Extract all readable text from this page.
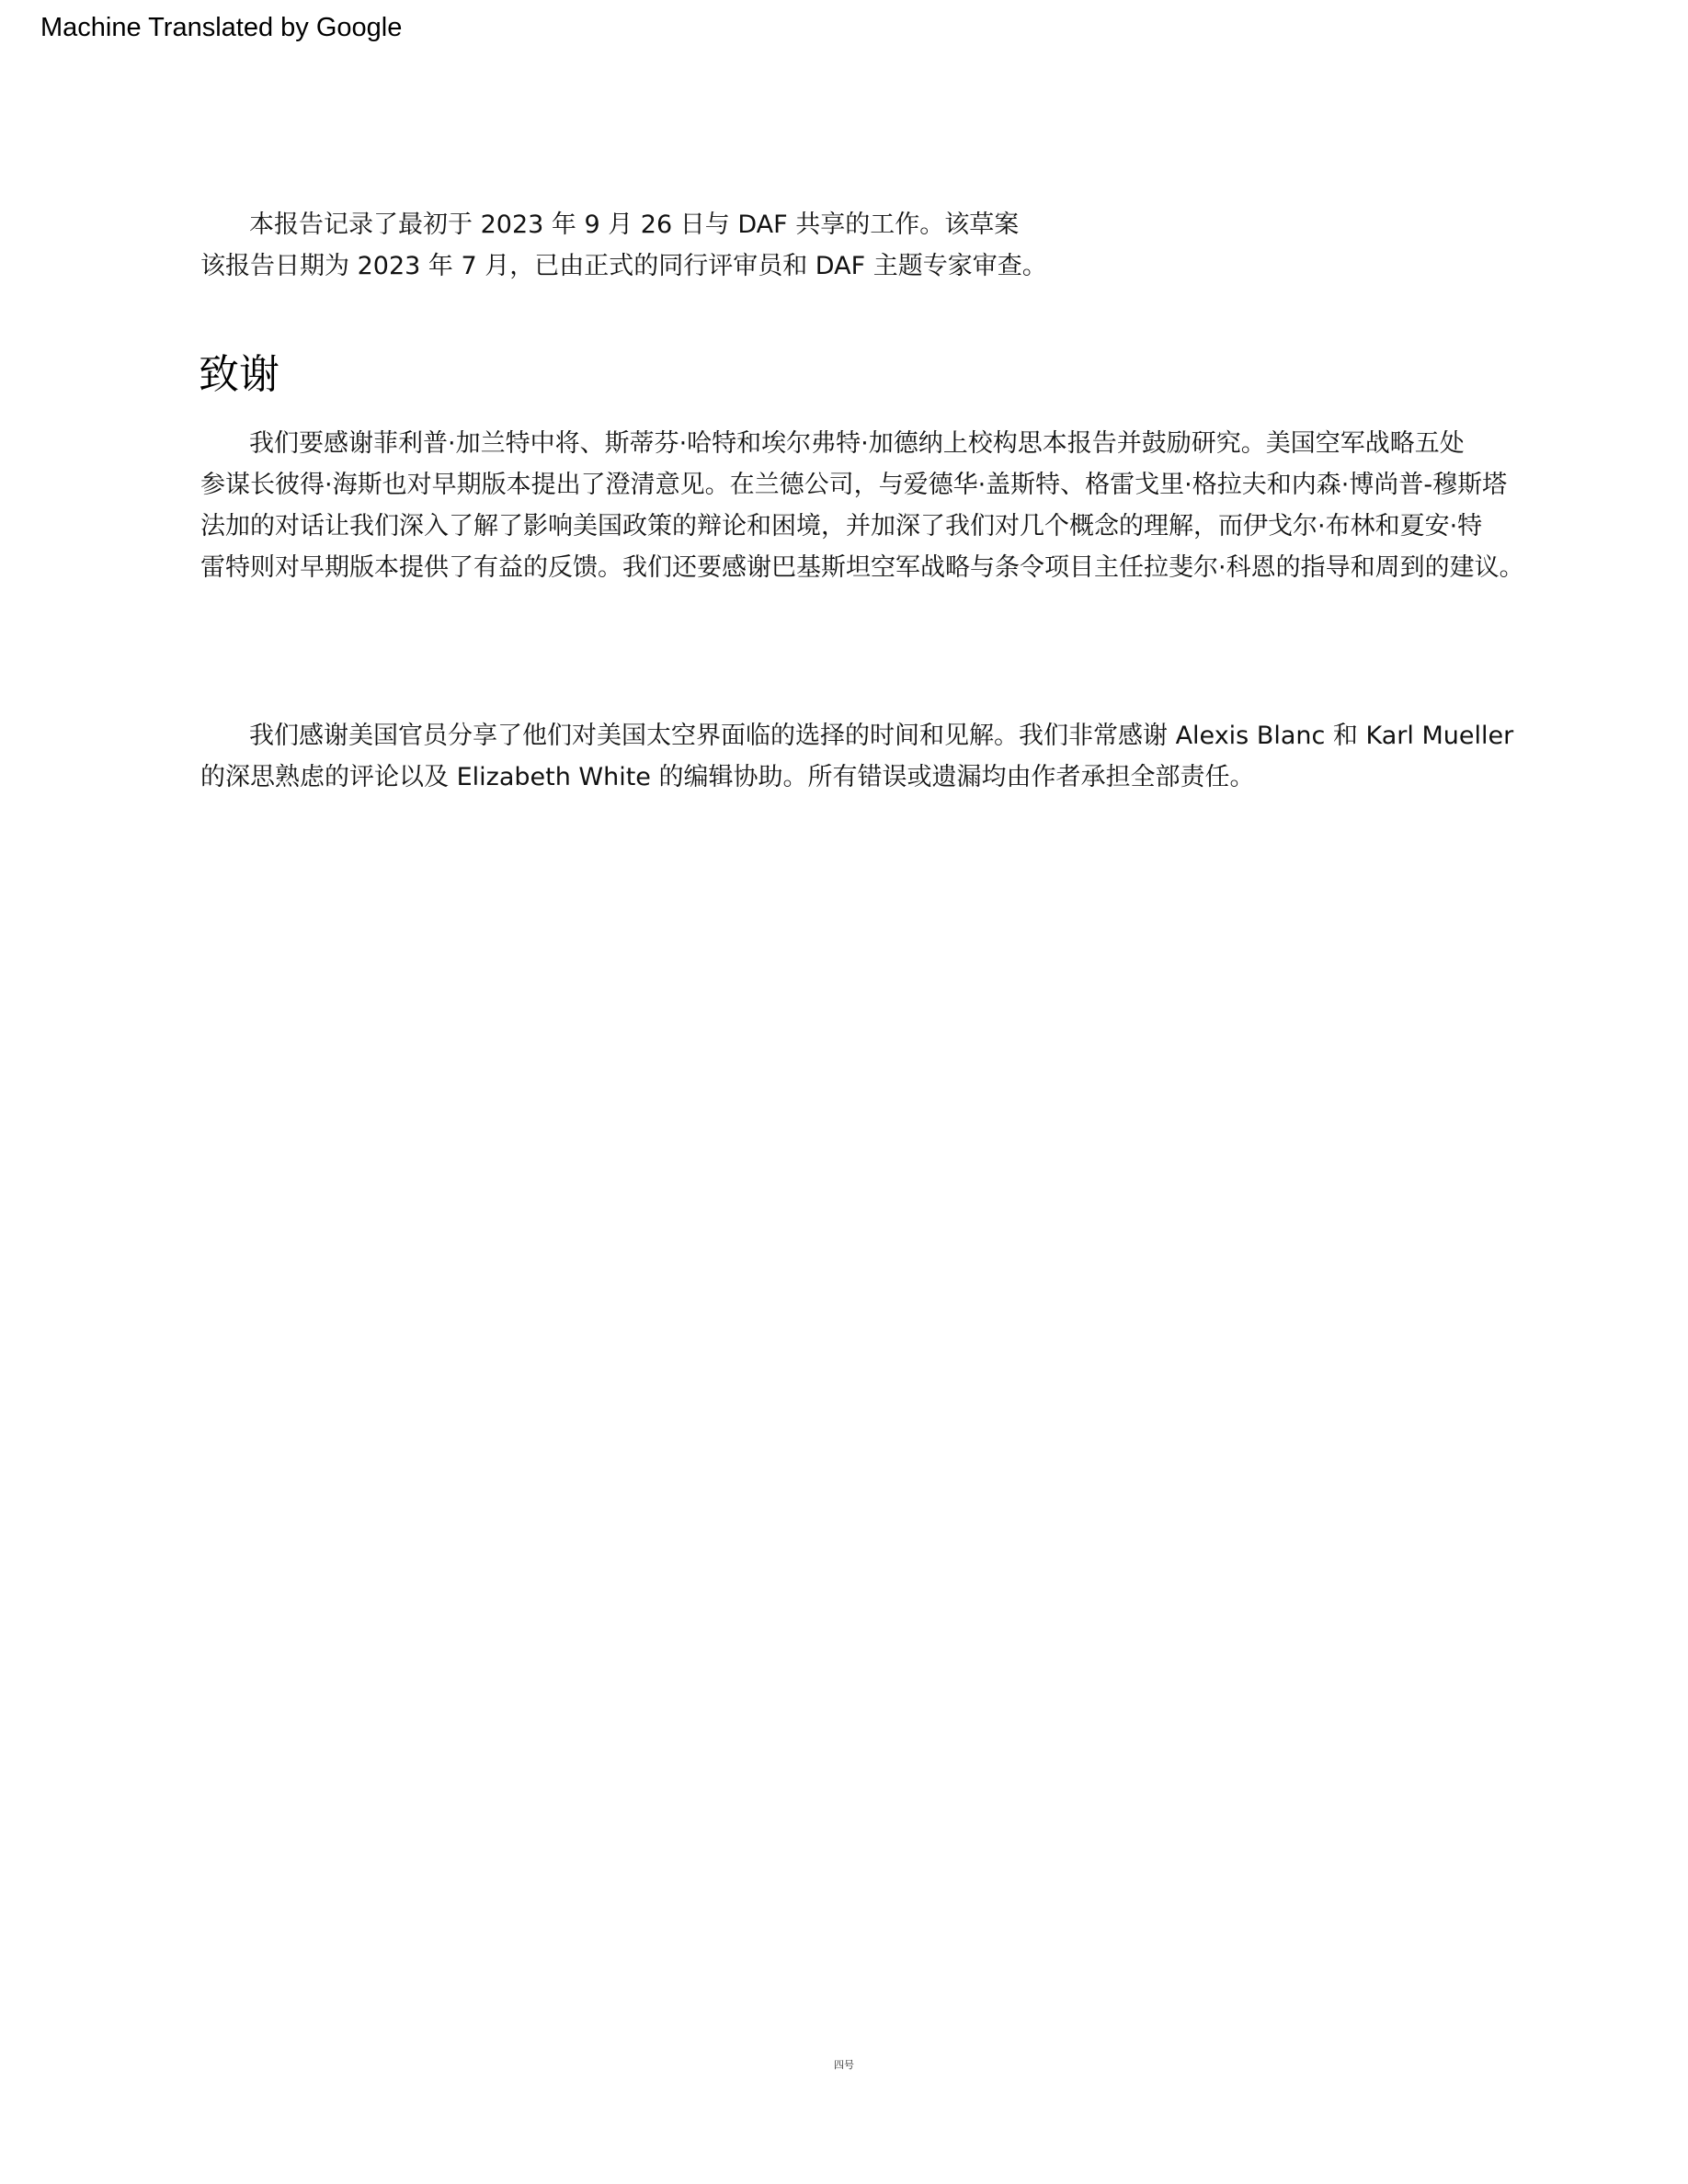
Machine Translated by Google
本报告记录了最初于 2023 年 9 月 26 日与 DAF 共享的工作。该草案
该报告日期为 2023 年 7 月，已由正式的同行评审员和 DAF 主题专家审查。
致谢
我们要感谢菲利普·加兰特中将、斯蒂芬·哈特和埃尔弗特·加德纳上校构思本报告并鼓励研究。美国空军战略五处
参谋长彼得·海斯也对早期版本提出了澄清意见。在兰德公司，与爱德华·盖斯特、格雷戈里·格拉夫和内森·博尚普-穆斯塔
法加的对话让我们深入了解了影响美国政策的辩论和困境，并加深了我们对几个概念的理解，而伊戈尔·布林和夏安·特
雷特则对早期版本提供了有益的反馈。我们还要感谢巴基斯坦空军战略与条令项目主任拉斐尔·科恩的指导和周到的建议。
我们感谢美国官员分享了他们对美国太空界面临的选择的时间和见解。我们非常感谢 Alexis Blanc 和 Karl Mueller
的深思熟虑的评论以及 Elizabeth White 的编辑协助。所有错误或遗漏均由作者承担全部责任。
四号
